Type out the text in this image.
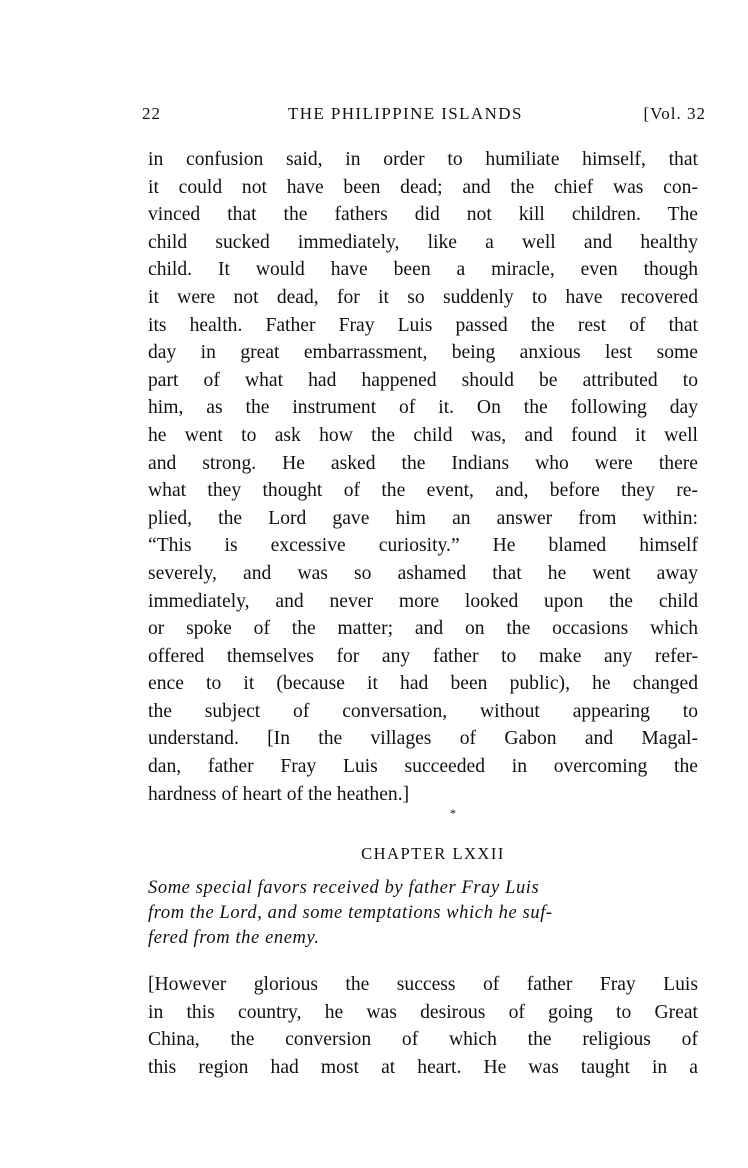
22	THE PHILIPPINE ISLANDS	[Vol. 32

in confusion said, in order to humiliate himself, that

it could not have been dead; and the chief was con-

vinced that the fathers did not kill children. The

child sucked immediately, like a well and healthy

child. It would have been a miracle, even though

it were not dead, for it so suddenly to have recovered

its health. Father Fray Luis passed the rest of that

day in great embarrassment, being anxious lest some

part of what had happened should be attributed to

him, as the instrument of it. On the following day

he went to ask how the child was, and found it well

and strong. He asked the Indians who were there

what they thought of the event, and, before they re-

plied, the Lord gave him an answer from within:

“This is excessive curiosity.” He blamed himself

severely, and was so ashamed that he went away

immediately, and never more looked upon the child

or spoke of the matter; and on the occasions which

offered themselves for any father to make any refer-

ence to it (because it had been public), he changed

the subject of conversation, without appearing to

understand. [In the villages of Gabon and Magal-

dan, father Fray Luis succeeded in overcoming the

hardness of heart of the heathen.]

*
CHAPTER LXXII
Some special favors received by father Fray Luis
from the Lord, and some temptations which he suf-
fered from the enemy.

[However glorious the success of father Fray Luis

in this country, he was desirous of going to Great

China, the conversion of which the religious of

this region had most at heart. He was taught in a
